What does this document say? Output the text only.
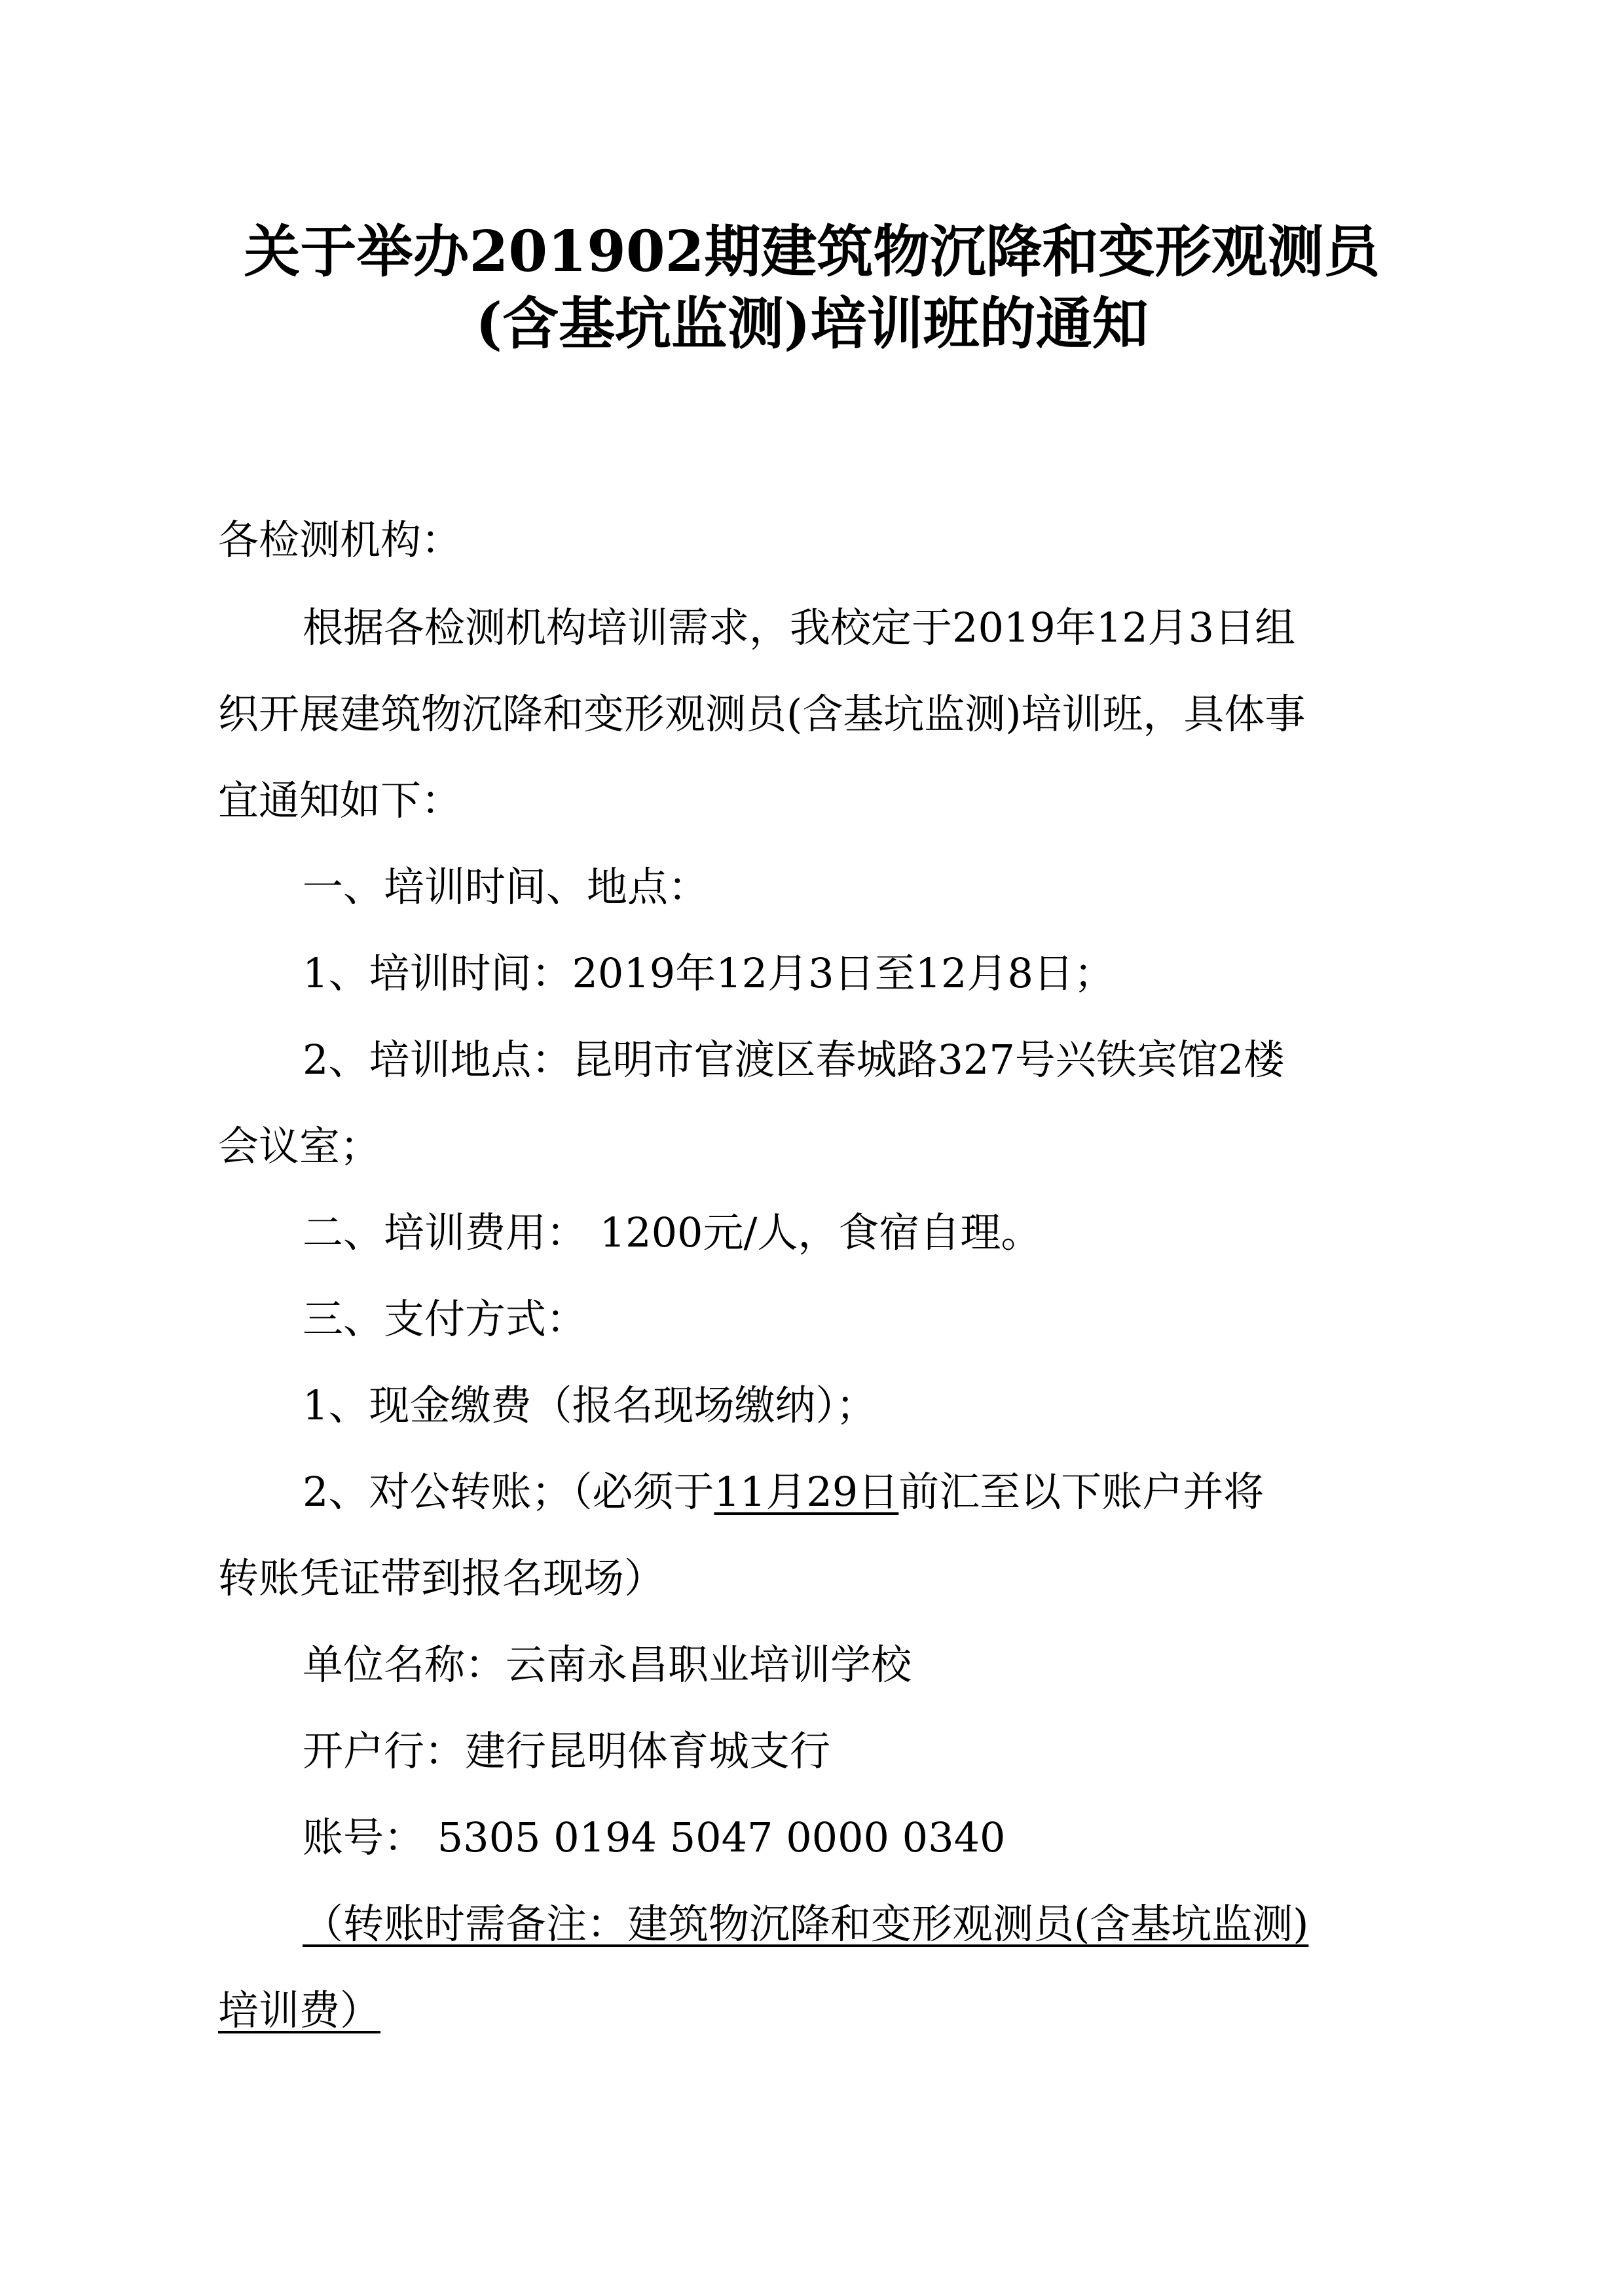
关于举办201902期建筑物沉降和变形观测员
(含基坑监测)培训班的通知
各检测机构：
根据各检测机构培训需求，我校定于2019年12月3日组
织开展建筑物沉降和变形观测员(含基坑监测)培训班，具体事
宜通知如下：
一、培训时间、地点：
1、培训时间：2019年12月3日至12月8日；
2、培训地点：昆明市官渡区春城路327号兴铁宾馆2楼
会议室；
二、培训费用： 1200元/人，食宿自理。
三、支付方式：
1、现金缴费（报名现场缴纳）；
2、对公转账；（必须于11月29日前汇至以下账户并将
转账凭证带到报名现场）
单位名称：云南永昌职业培训学校
开户行：建行昆明体育城支行
账号： 5305 0194 5047 0000 0340
（转账时需备注：建筑物沉降和变形观测员(含基坑监测)
培训费）
